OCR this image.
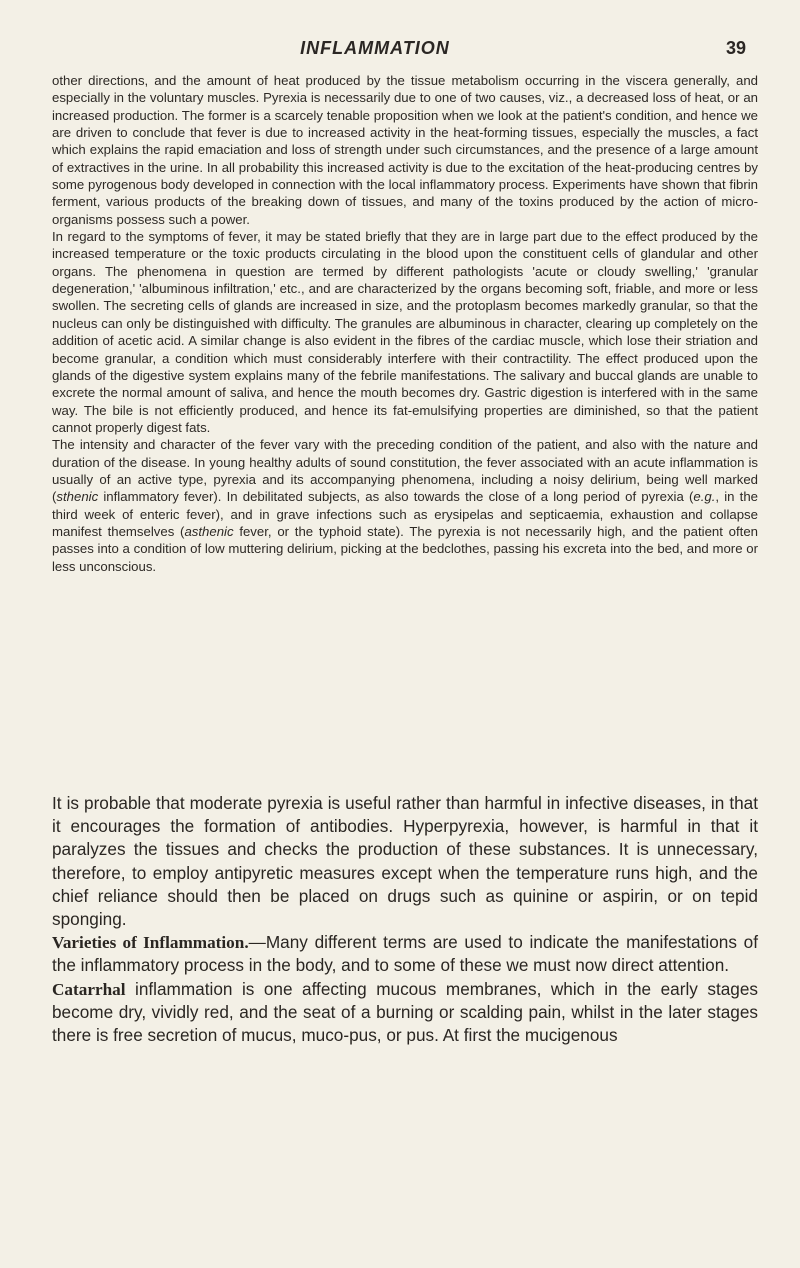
INFLAMMATION	39

other directions, and the amount of heat produced by the tissue metabolism occurring in the viscera generally, and especially in the voluntary muscles. Pyrexia is necessarily due to one of two causes, viz., a decreased loss of heat, or an increased production. The former is a scarcely tenable proposition when we look at the patient's condition, and hence we are driven to conclude that fever is due to increased activity in the heat-forming tissues, especially the muscles, a fact which explains the rapid emaciation and loss of strength under such circumstances, and the presence of a large amount of extractives in the urine. In all probability this increased activity is due to the excitation of the heat-producing centres by some pyrogenous body developed in connection with the local inflammatory process. Experiments have shown that fibrin ferment, various products of the breaking down of tissues, and many of the toxins produced by the action of micro-organisms possess such a power.

In regard to the symptoms of fever, it may be stated briefly that they are in large part due to the effect produced by the increased temperature or the toxic products circulating in the blood upon the constituent cells of glandular and other organs. The phenomena in question are termed by different pathologists 'acute or cloudy swelling,' 'granular degeneration,' 'albuminous infiltration,' etc., and are characterized by the organs becoming soft, friable, and more or less swollen. The secreting cells of glands are increased in size, and the protoplasm becomes markedly granular, so that the nucleus can only be distinguished with difficulty. The granules are albuminous in character, clearing up completely on the addition of acetic acid. A similar change is also evident in the fibres of the cardiac muscle, which lose their striation and become granular, a condition which must considerably interfere with their contractility. The effect produced upon the glands of the digestive system explains many of the febrile manifestations. The salivary and buccal glands are unable to excrete the normal amount of saliva, and hence the mouth becomes dry. Gastric digestion is interfered with in the same way. The bile is not efficiently produced, and hence its fat-emulsifying properties are diminished, so that the patient cannot properly digest fats.

The intensity and character of the fever vary with the preceding condition of the patient, and also with the nature and duration of the disease. In young healthy adults of sound constitution, the fever associated with an acute inflammation is usually of an active type, pyrexia and its accompanying phenomena, including a noisy delirium, being well marked (sthenic inflammatory fever). In debilitated subjects, as also towards the close of a long period of pyrexia (e.g., in the third week of enteric fever), and in grave infections such as erysipelas and septicaemia, exhaustion and collapse manifest themselves (asthenic fever, or the typhoid state). The pyrexia is not necessarily high, and the patient often passes into a condition of low muttering delirium, picking at the bedclothes, passing his excreta into the bed, and more or less unconscious.

It is probable that moderate pyrexia is useful rather than harmful in infective diseases, in that it encourages the formation of antibodies. Hyperpyrexia, however, is harmful in that it paralyzes the tissues and checks the production of these substances. It is unnecessary, therefore, to employ antipyretic measures except when the temperature runs high, and the chief reliance should then be placed on drugs such as quinine or aspirin, or on tepid sponging.

Varieties of Inflammation.—Many different terms are used to indicate the manifestations of the inflammatory process in the body, and to some of these we must now direct attention.

Catarrhal inflammation is one affecting mucous membranes, which in the early stages become dry, vividly red, and the seat of a burning or scalding pain, whilst in the later stages there is free secretion of mucus, muco-pus, or pus. At first the mucigenous
